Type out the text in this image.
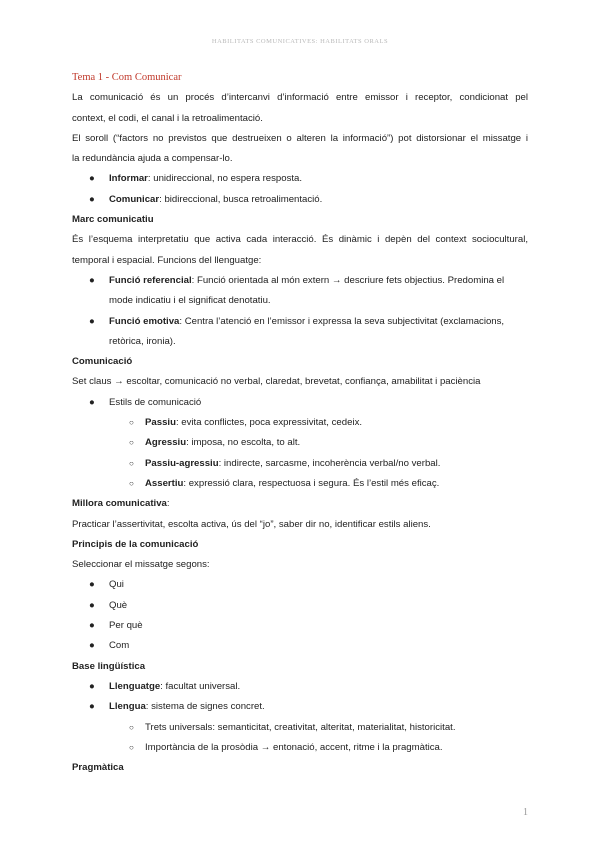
HABILITATS COMUNICATIVES: HABILITATS ORALS

Tema 1 - Com Comunicar

La comunicació és un procés d’intercanvi d’informació entre emissor i receptor, condicionat pel

context, el codi, el canal i la retroalimentació.

El soroll (“factors no previstos que destrueixen o alteren la informació”) pot distorsionar el missatge i

la redundància ajuda a compensar-lo.

● Informar: unidireccional, no espera resposta.
● Comunicar: bidireccional, busca retroalimentació.

Marc comunicatiu

És l’esquema interpretatiu que activa cada interacció. És dinàmic i depèn del context sociocultural,

temporal i espacial. Funcions del llenguatge:

● Funció referencial: Funció orientada al món extern → descriure fets objectius. Predomina el
mode indicatiu i el significat denotatiu.
● Funció emotiva: Centra l’atenció en l’emissor i expressa la seva subjectivitat (exclamacions,
retòrica, ironia).

Comunicació

Set claus → escoltar, comunicació no verbal, claredat, brevetat, confiança, amabilitat i paciència

● Estils de comunicació
○ Passiu: evita conflictes, poca expressivitat, cedeix.
○ Agressiu: imposa, no escolta, to alt.
○ Passiu-agressiu: indirecte, sarcasme, incoherència verbal/no verbal.
○ Assertiu: expressió clara, respectuosa i segura. És l’estil més eficaç.

Millora comunicativa:

Practicar l’assertivitat, escolta activa, ús del “jo”, saber dir no, identificar estils aliens.

Principis de la comunicació

Seleccionar el missatge segons:

● Qui
● Què
● Per què
● Com

Base lingüística

● Llenguatge: facultat universal.
● Llengua: sistema de signes concret.
○ Trets universals: semanticitat, creativitat, alteritat, materialitat, historicitat.
○ Importància de la prosòdia → entonació, accent, ritme i la pragmàtica.

Pragmàtica

1
